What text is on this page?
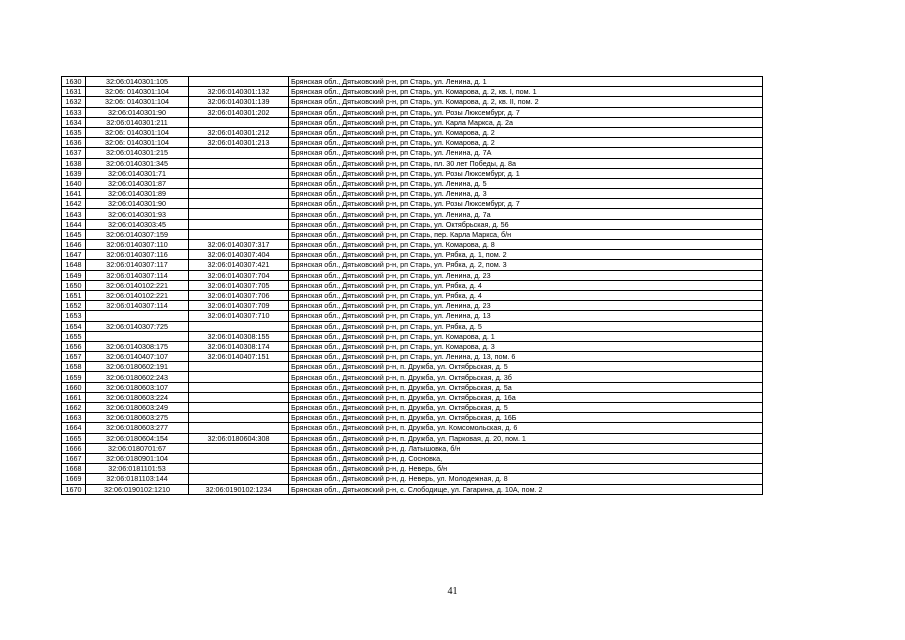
1630	32:06:0140301:105		Брянская обл., Дятьковский р-н, рп Старь, ул. Ленина, д. 1
1631	32:06: 0140301:104	32:06:0140301:132	Брянская обл., Дятьковский р-н, рп Старь, ул. Комарова, д. 2, кв. I, пом. 1
1632	32:06: 0140301:104	32:06:0140301:139	Брянская обл., Дятьковский р-н, рп Старь, ул. Комарова, д. 2, кв. II, пом. 2
1633	32:06:0140301:90	32:06:0140301:202	Брянская обл., Дятьковский р-н, рп Старь, ул. Розы Люксембург, д. 7
1634	32:06:0140301:211		Брянская обл., Дятьковский р-н, рп Старь, ул. Карла Маркса, д. 2а
1635	32:06: 0140301:104	32:06:0140301:212	Брянская обл., Дятьковский р-н, рп Старь, ул. Комарова, д. 2
1636	32:06: 0140301:104	32:06:0140301:213	Брянская обл., Дятьковский р-н, рп Старь, ул. Комарова, д. 2
1637	32:06:0140301:215		Брянская обл., Дятьковский р-н, рп Старь, ул. Ленина, д. 7А
1638	32:06:0140301:345		Брянская обл., Дятьковский р-н, рп Старь, пл. 30 лет Победы, д. 8а
1639	32:06:0140301:71		Брянская обл., Дятьковский р-н, рп Старь, ул. Розы Люксембург, д. 1
1640	32:06:0140301:87		Брянская обл., Дятьковский р-н, рп Старь, ул. Ленина, д. 5
1641	32:06:0140301:89		Брянская обл., Дятьковский р-н, рп Старь, ул. Ленина, д. 3
1642	32:06:0140301:90		Брянская обл., Дятьковский р-н, рп Старь, ул. Розы Люксембург, д. 7
1643	32:06:0140301:93		Брянская обл., Дятьковский р-н, рп Старь, ул. Ленина, д. 7а
1644	32:06:0140303:45		Брянская обл., Дятьковский р-н, рп Старь, ул. Октябрьская, д. 56
1645	32:06:0140307:159		Брянская обл., Дятьковский р-н, рп Старь, пер. Карла Маркса, б/н
1646	32:06:0140307:110	32:06:0140307:317	Брянская обл., Дятьковский р-н, рп Старь, ул. Комарова, д. 8
1647	32:06:0140307:116	32:06:0140307:404	Брянская обл., Дятьковский р-н, рп Старь, ул. Рябка, д. 1, пом. 2
1648	32:06:0140307:117	32:06:0140307:421	Брянская обл., Дятьковский р-н, рп Старь, ул. Рябка, д. 2, пом. 3
1649	32:06:0140307:114	32:06:0140307:704	Брянская обл., Дятьковский р-н, рп Старь, ул. Ленина, д. 23
1650	32:06:0140102:221	32:06:0140307:705	Брянская обл., Дятьковский р-н, рп Старь, ул. Рябка, д. 4
1651	32:06:0140102:221	32:06:0140307:706	Брянская обл., Дятьковский р-н, рп Старь, ул. Рябка, д. 4
1652	32:06:0140307:114	32:06:0140307:709	Брянская обл., Дятьковский р-н, рп Старь, ул. Ленина, д. 23
1653		32:06:0140307:710	Брянская обл., Дятьковский р-н, рп Старь, ул. Ленина, д. 13
1654	32:06:0140307:725		Брянская обл., Дятьковский р-н, рп Старь, ул. Рябка, д. 5
1655		32:06:0140308:155	Брянская обл., Дятьковский р-н, рп Старь, ул. Комарова, д. 1
1656	32:06:0140308:175	32:06:0140308:174	Брянская обл., Дятьковский р-н, рп Старь, ул. Комарова, д. 3
1657	32:06:0140407:107	32:06:0140407:151	Брянская обл., Дятьковский р-н, рп Старь, ул. Ленина, д. 13, пом. 6
1658	32:06:0180602:191		Брянская обл., Дятьковский р-н, п. Дружба, ул. Октябрьская, д. 5
1659	32:06:0180602:243		Брянская обл., Дятьковский р-н, п. Дружба, ул. Октябрьская, д. 3б
1660	32:06:0180603:107		Брянская обл., Дятьковский р-н, п. Дружба, ул. Октябрьская, д. 5а
1661	32:06:0180603:224		Брянская обл., Дятьковский р-н, п. Дружба, ул. Октябрьская, д. 16а
1662	32:06:0180603:249		Брянская обл., Дятьковский р-н, п. Дружба, ул. Октябрьская, д. 5
1663	32:06:0180603:275		Брянская обл., Дятьковский р-н, п. Дружба, ул. Октябрьская, д. 16Б
1664	32:06:0180603:277		Брянская обл., Дятьковский р-н, п. Дружба, ул. Комсомольская, д. 6
1665	32:06:0180604:154	32:06:0180604:308	Брянская обл., Дятьковский р-н, п. Дружба, ул. Парковая, д. 20, пом. 1
1666	32:06:0180701:67		Брянская обл., Дятьковский р-н, д. Латышовка, б/н
1667	32:06:0180901:104		Брянская обл., Дятьковский р-н, д. Сосновка,
1668	32:06:0181101:53		Брянская обл., Дятьковский р-н, д. Неверь, б/н
1669	32:06:0181103:144		Брянская обл., Дятьковский р-н, д. Неверь, ул. Молодежная, д. 8
1670	32:06:0190102:1210	32:06:0190102:1234	Брянская обл., Дятьковский р-н, с. Слободище, ул. Гагарина, д. 10А, пом. 2
41
